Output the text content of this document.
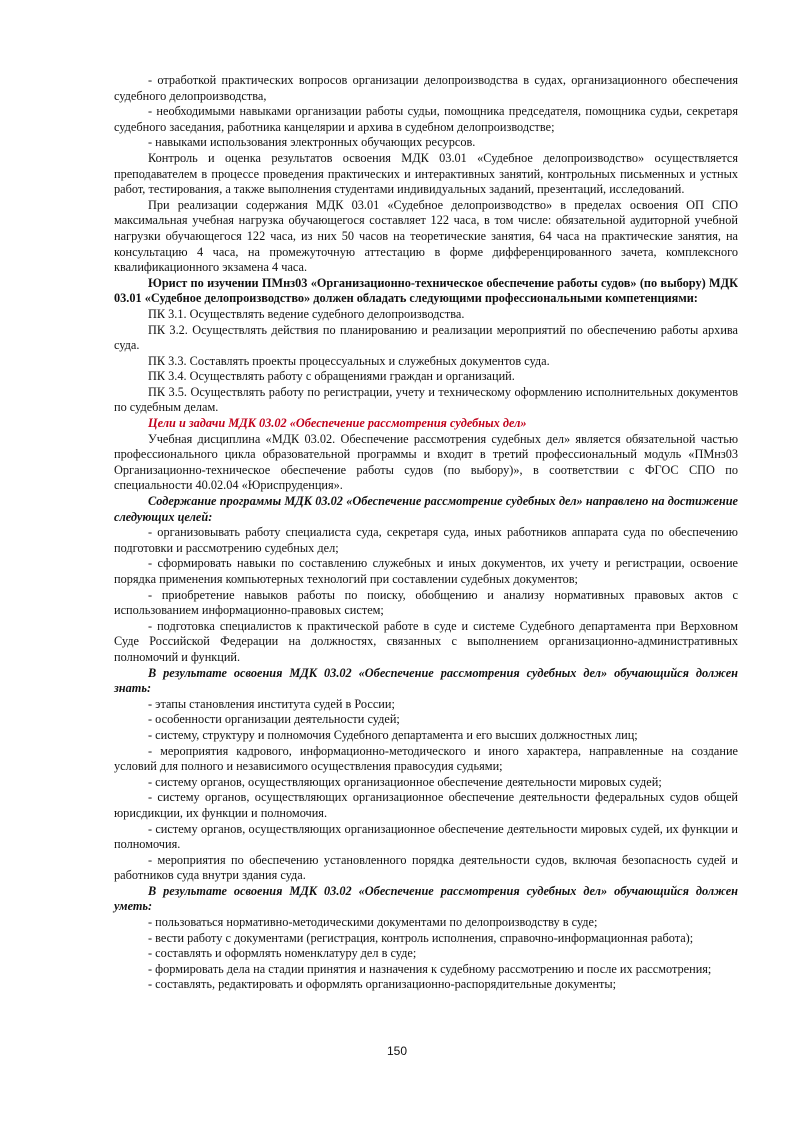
- отработкой практических вопросов организации делопроизводства в судах, организационного обеспечения судебного делопроизводства,

- необходимыми навыками организации работы судьи, помощника председателя, помощника судьи, секретаря судебного заседания, работника канцелярии и архива в судебном делопроизводстве;

- навыками использования электронных обучающих ресурсов.

Контроль и оценка результатов освоения МДК 03.01 «Судебное делопроизводство» осуществляется преподавателем в процессе проведения практических и интерактивных занятий, контрольных письменных и устных работ, тестирования, а также выполнения студентами индивидуальных заданий, презентаций, исследований.

При реализации содержания МДК 03.01 «Судебное делопроизводство» в пределах освоения ОП СПО максимальная учебная нагрузка обучающегося составляет 122 часа, в том числе: обязательной аудиторной учебной нагрузки обучающегося 122 часа, из них 50 часов на теоретические занятия, 64 часа на практические занятия, на консультацию 4 часа, на промежуточную аттестацию в форме дифференцированного зачета, комплексного квалификационного экзамена 4 часа.

Юрист по изучении ПМнз03 «Организационно-техническое обеспечение работы судов» (по выбору) МДК 03.01 «Судебное делопроизводство» должен обладать следующими профессиональными компетенциями:

ПК 3.1. Осуществлять ведение судебного делопроизводства.

ПК 3.2. Осуществлять действия по планированию и реализации мероприятий по обеспечению работы архива суда.

ПК 3.3. Составлять проекты процессуальных и служебных документов суда.

ПК 3.4. Осуществлять работу с обращениями граждан и организаций.

ПК 3.5. Осуществлять работу по регистрации, учету и техническому оформлению исполнительных документов по судебным делам.

Цели и задачи МДК 03.02 «Обеспечение рассмотрения судебных дел»

Учебная дисциплина «МДК 03.02. Обеспечение рассмотрения судебных дел» является обязательной частью профессионального цикла образовательной программы и входит в третий профессиональный модуль «ПМнз03 Организационно-техническое обеспечение работы судов (по выбору)», в соответствии с ФГОС СПО по специальности 40.02.04 «Юриспруденция».

Содержание программы МДК 03.02 «Обеспечение рассмотрение судебных дел» направлено на достижение следующих целей:

- организовывать работу специалиста суда, секретаря суда, иных работников аппарата суда по обеспечению подготовки и рассмотрению судебных дел;

- сформировать навыки по составлению служебных и иных документов, их учету и регистрации, освоение порядка применения компьютерных технологий при составлении судебных документов;

- приобретение навыков работы по поиску, обобщению и анализу нормативных правовых актов с использованием информационно-правовых систем;

- подготовка специалистов к практической работе в суде и системе Судебного департамента при Верховном Суде Российской Федерации на должностях, связанных с выполнением организационно-административных полномочий и функций.

В результате освоения МДК 03.02 «Обеспечение рассмотрения судебных дел» обучающийся должен знать:

- этапы становления института судей в России;

- особенности организации деятельности судей;

- систему, структуру и полномочия Судебного департамента и его высших должностных лиц;

- мероприятия кадрового, информационно-методического и иного характера, направленные на создание условий для полного и независимого осуществления правосудия судьями;

- систему органов, осуществляющих организационное обеспечение деятельности мировых судей;

- систему органов, осуществляющих организационное обеспечение деятельности федеральных судов общей юрисдикции, их функции и полномочия.

- систему органов, осуществляющих организационное обеспечение деятельности мировых судей, их функции и полномочия.

- мероприятия по обеспечению установленного порядка деятельности судов, включая безопасность судей и работников суда внутри здания суда.

В результате освоения МДК 03.02 «Обеспечение рассмотрения судебных дел» обучающийся должен уметь:

- пользоваться нормативно-методическими документами по делопроизводству в суде;

- вести работу с документами (регистрация, контроль исполнения, справочно-информационная работа);

- составлять и оформлять номенклатуру дел в суде;

- формировать дела на стадии принятия и назначения к судебному рассмотрению и после их рассмотрения;

- составлять, редактировать и оформлять организационно-распорядительные документы;

150
